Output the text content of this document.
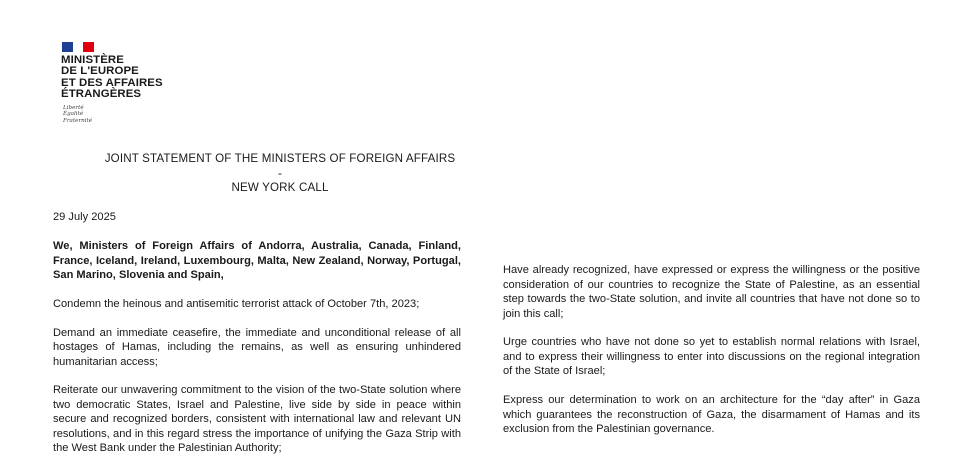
MINISTÈRE
DE L'EUROPE
ET DES AFFAIRES
ÉTRANGÈRES
Liberté
Égalité
Fraternité
JOINT STATEMENT OF THE MINISTERS OF FOREIGN AFFAIRS
-
NEW YORK CALL

29 July 2025

We, Ministers of Foreign Affairs of Andorra, Australia, Canada, Finland, France, Iceland, Ireland, Luxembourg, Malta, New Zealand, Norway, Portugal, San Marino, Slovenia and Spain,

Condemn the heinous and antisemitic terrorist attack of October 7th, 2023;

Demand an immediate ceasefire, the immediate and unconditional release of all hostages of Hamas, including the remains, as well as ensuring unhindered humanitarian access;

Reiterate our unwavering commitment to the vision of the two-State solution where two democratic States, Israel and Palestine, live side by side in peace within secure and recognized borders, consistent with international law and relevant UN resolutions, and in this regard stress the importance of unifying the Gaza Strip with the West Bank under the Palestinian Authority;

Have already recognized, have expressed or express the willingness or the positive consideration of our countries to recognize the State of Palestine, as an essential step towards the two-State solution, and invite all countries that have not done so to join this call;

Urge countries who have not done so yet to establish normal relations with Israel, and to express their willingness to enter into discussions on the regional integration of the State of Israel;

Express our determination to work on an architecture for the “day after” in Gaza which guarantees the reconstruction of Gaza, the disarmament of Hamas and its exclusion from the Palestinian governance.
